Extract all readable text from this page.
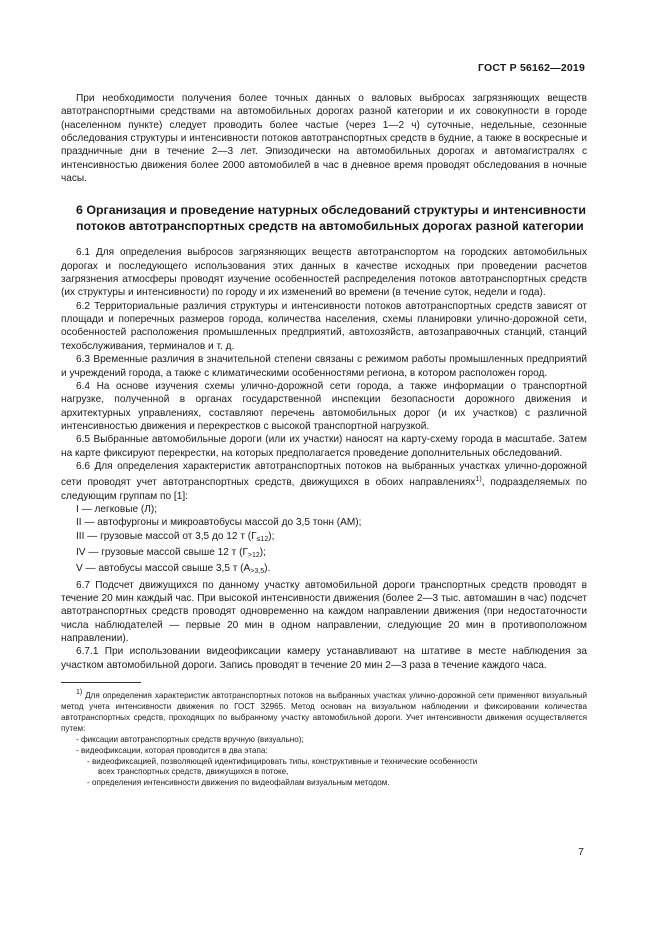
ГОСТ Р 56162—2019

При необходимости получения более точных данных о валовых выбросах загрязняющих веществ автотранспортными средствами на автомобильных дорогах разной категории и их совокупности в городе (населенном пункте) следует проводить более частые (через 1—2 ч) суточные, недельные, сезонные обследования структуры и интенсивности потоков автотранспортных средств в будние, а также в воскресные и праздничные дни в течение 2—3 лет. Эпизодически на автомобильных дорогах и автомагистралях с интенсивностью движения более 2000 автомобилей в час в дневное время проводят обследования в ночные часы.

6 Организация и проведение натурных обследований структуры и интенсивности потоков автотранспортных средств на автомобильных дорогах разной категории

6.1 Для определения выбросов загрязняющих веществ автотранспортом на городских автомобильных дорогах и последующего использования этих данных в качестве исходных при проведении расчетов загрязнения атмосферы проводят изучение особенностей распределения потоков автотранспортных средств (их структуры и интенсивности) по городу и их изменений во времени (в течение суток, недели и года).

6.2 Территориальные различия структуры и интенсивности потоков автотранспортных средств зависят от площади и поперечных размеров города, количества населения, схемы планировки улично-дорожной сети, особенностей расположения промышленных предприятий, автохозяйств, автозаправочных станций, станций техобслуживания, терминалов и т. д.

6.3 Временные различия в значительной степени связаны с режимом работы промышленных предприятий и учреждений города, а также с климатическими особенностями региона, в котором расположен город.

6.4 На основе изучения схемы улично-дорожной сети города, а также информации о транспортной нагрузке, полученной в органах государственной инспекции безопасности дорожного движения и архитектурных управлениях, составляют перечень автомобильных дорог (и их участков) с различной интенсивностью движения и перекрестков с высокой транспортной нагрузкой.

6.5 Выбранные автомобильные дороги (или их участки) наносят на карту-схему города в масштабе. Затем на карте фиксируют перекрестки, на которых предполагается проведение дополнительных обследований.

6.6 Для определения характеристик автотранспортных потоков на выбранных участках улично-дорожной сети проводят учет автотранспортных средств, движущихся в обоих направлениях$^{1)}$, подразделяемых по следующим группам по [1]:

I — легковые (Л);

II — автофургоны и микроавтобусы массой до 3,5 тонн (АМ);

III — грузовые массой от 3,5 до 12 т $(Г_{\le 12})$;

IV — грузовые массой свыше 12 т $(Г_{>12})$;

V — автобусы массой свыше 3,5 т $(А_{>3,5})$.

6.7 Подсчет движущихся по данному участку автомобильной дороги транспортных средств проводят в течение 20 мин каждый час. При высокой интенсивности движения (более 2—3 тыс. автомашин в час) подсчет автотранспортных средств проводят одновременно на каждом направлении движения (при недостаточности числа наблюдателей — первые 20 мин в одном направлении, следующие 20 мин в противоположном направлении).

6.7.1 При использовании видеофиксации камеру устанавливают на штативе в месте наблюдения за участком автомобильной дороги. Запись проводят в течение 20 мин 2—3 раза в течение каждого часа.

1) Для определения характеристик автотранспортных потоков на выбранных участках улично-дорожной сети применяют визуальный метод учета интенсивности движения по ГОСТ 32965. Метод основан на визуальном наблюдении и фиксировании количества автотранспортных средств, проходящих по выбранному участку автомобильной дороги. Учет интенсивности движения осуществляется путем:
- фиксации автотранспортных средств вручную (визуально);
- видеофиксации, которая проводится в два этапа:
- видеофиксацией, позволяющей идентифицировать типы, конструктивные и технические особенности
всех транспортных средств, движущихся в потоке,
- определения интенсивности движения по видеофайлам визуальным методом.
7
